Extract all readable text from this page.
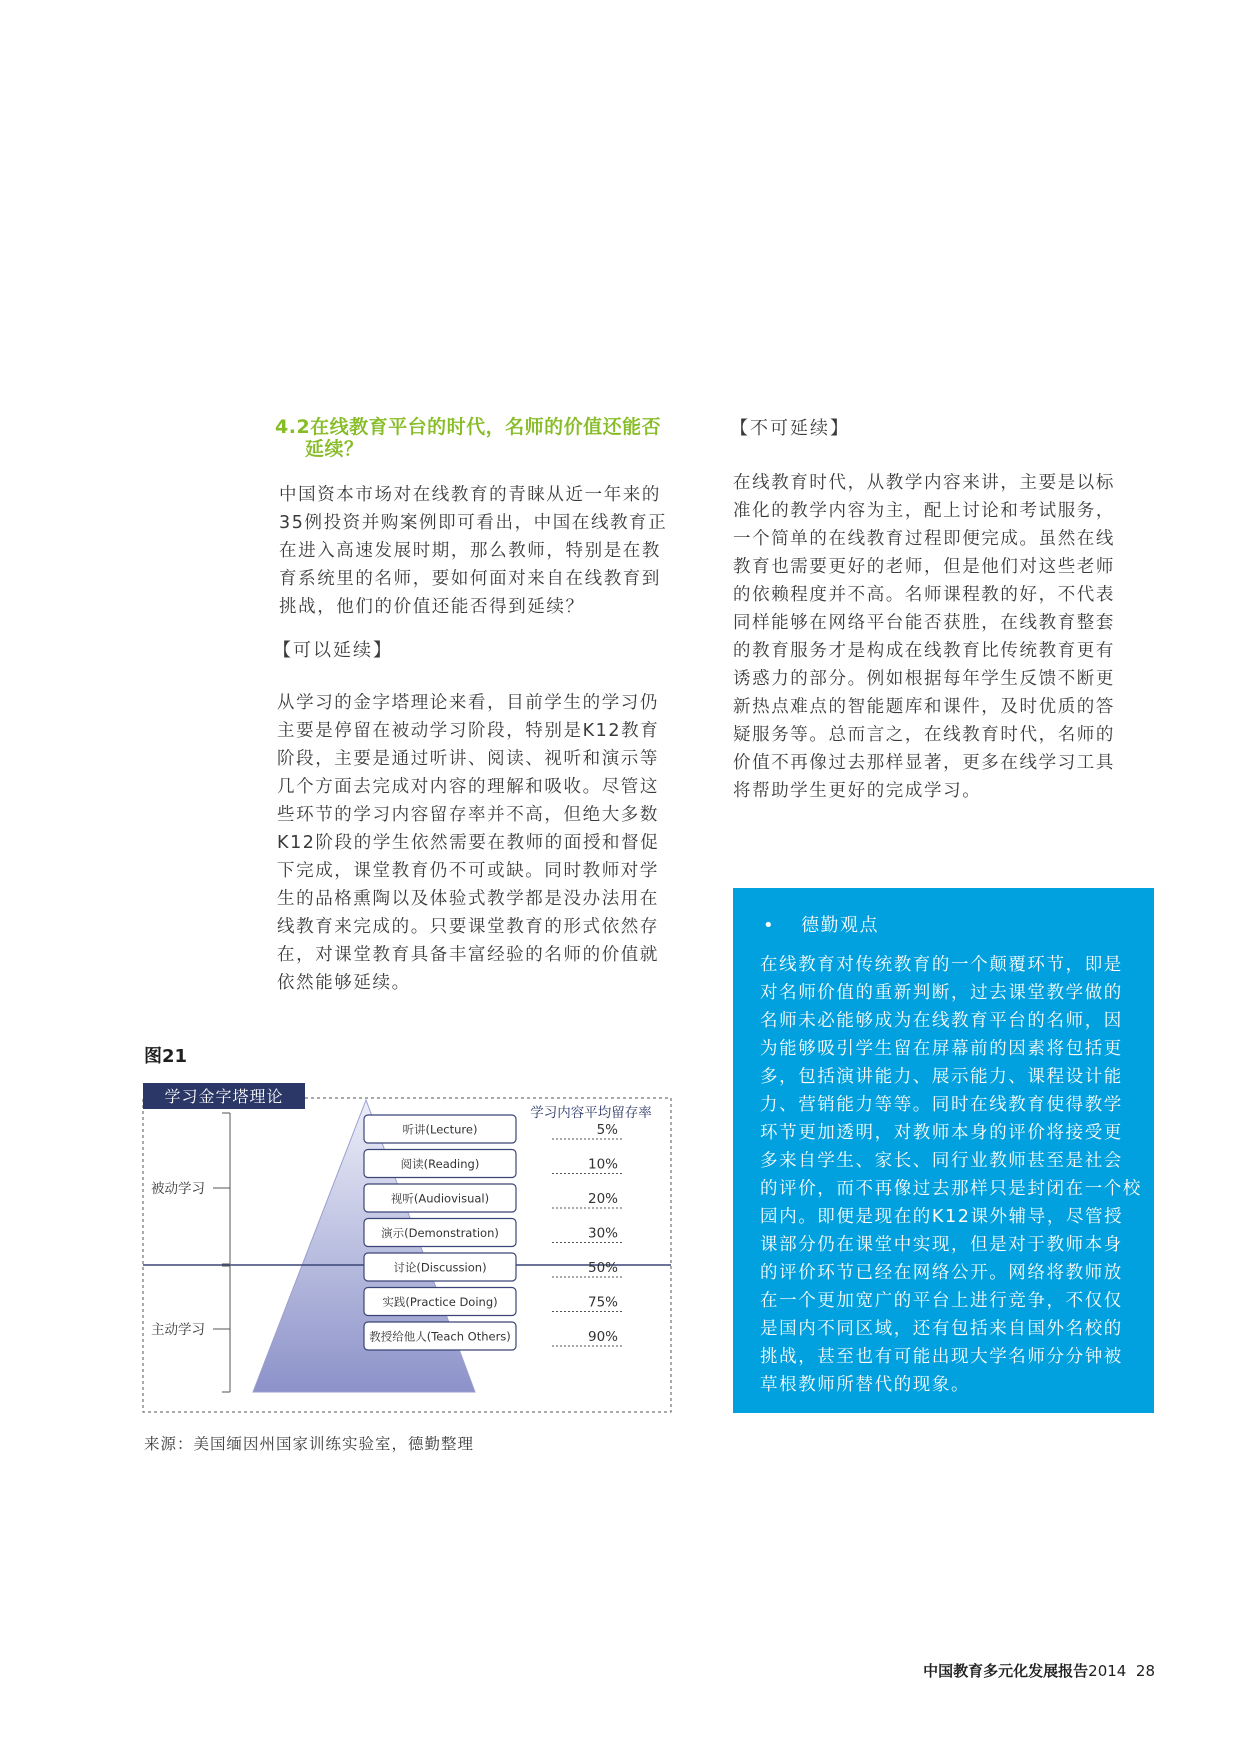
4.2在线教育平台的时代，名师的价值还能否
延续？
中国资本市场对在线教育的青睐从近一年来的
35例投资并购案例即可看出，中国在线教育正
在进入高速发展时期，那么教师，特别是在教
育系统里的名师，要如何面对来自在线教育到
挑战，他们的价值还能否得到延续？
【可以延续】
从学习的金字塔理论来看，目前学生的学习仍
主要是停留在被动学习阶段，特别是K12教育
阶段，主要是通过听讲、阅读、视听和演示等
几个方面去完成对内容的理解和吸收。尽管这
些环节的学习内容留存率并不高，但绝大多数
K12阶段的学生依然需要在教师的面授和督促
下完成，课堂教育仍不可或缺。同时教师对学
生的品格熏陶以及体验式教学都是没办法用在
线教育来完成的。只要课堂教育的形式依然存
在，对课堂教育具备丰富经验的名师的价值就
依然能够延续。
【不可延续】
在线教育时代，从教学内容来讲，主要是以标
准化的教学内容为主，配上讨论和考试服务，
一个简单的在线教育过程即便完成。虽然在线
教育也需要更好的老师，但是他们对这些老师
的依赖程度并不高。名师课程教的好，不代表
同样能够在网络平台能否获胜，在线教育整套
的教育服务才是构成在线教育比传统教育更有
诱惑力的部分。例如根据每年学生反馈不断更
新热点难点的智能题库和课件，及时优质的答
疑服务等。总而言之，在线教育时代，名师的
价值不再像过去那样显著，更多在线学习工具
将帮助学生更好的完成学习。
• 德勤观点
在线教育对传统教育的一个颠覆环节，即是
对名师价值的重新判断，过去课堂教学做的
名师未必能够成为在线教育平台的名师，因
为能够吸引学生留在屏幕前的因素将包括更
多，包括演讲能力、展示能力、课程设计能
力、营销能力等等。同时在线教育使得教学
环节更加透明，对教师本身的评价将接受更
多来自学生、家长、同行业教师甚至是社会
的评价，而不再像过去那样只是封闭在一个校
园内。即便是现在的K12课外辅导，尽管授
课部分仍在课堂中实现，但是对于教师本身
的评价环节已经在网络公开。网络将教师放
在一个更加宽广的平台上进行竞争，不仅仅
是国内不同区域，还有包括来自国外名校的
挑战，甚至也有可能出现大学名师分分钟被
草根教师所替代的现象。
图21
学习金字塔理论
被动学习
主动学习
学习内容平均留存率
听讲(Lecture)	5%
阅读(Reading)	10%
视听(Audiovisual)	20%
演示(Demonstration)	30%
讨论(Discussion)	50%
实践(Practice Doing)	75%
教授给他人(Teach Others)	90%
来源：美国缅因州国家训练实验室，德勤整理
中国教育多元化发展报告2014 28
